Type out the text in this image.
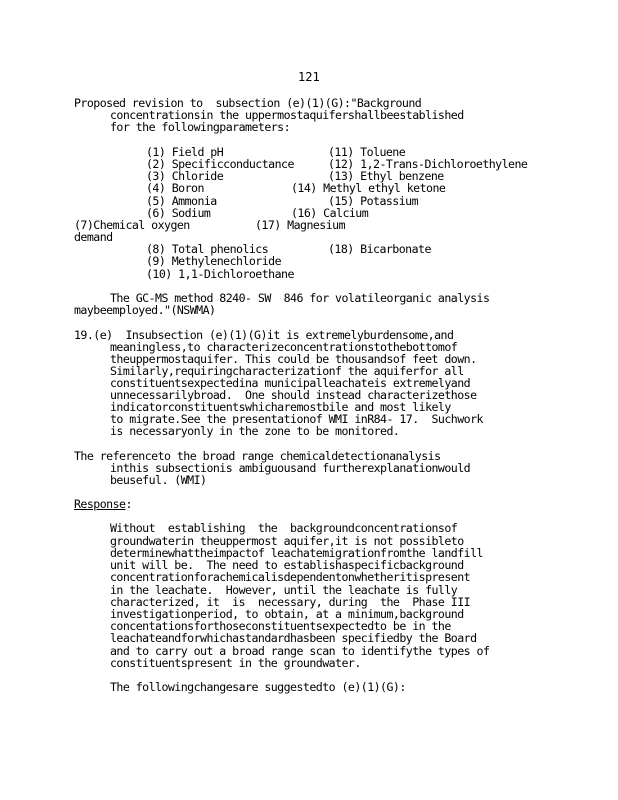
121
Proposed revision to  subsection (e)(1)(G):"Background
concentrationsin the uppermostaquifershallbeestablished
for the followingparameters:
(1) Field pH	(11) Toluene
(2) Specificconductance	(12) 1,2-Trans-Dichloroethylene
(3) Chloride	(13) Ethyl benzene
(4) Boron	(14) Methyl ethyl ketone
(5) Ammonia	(15) Potassium
(6) Sodium	(16) Calcium
(7)Chemical oxygen	(17) Magnesium
demand
(8) Total phenolics	(18) Bicarbonate
(9) Methylenechloride
(10) 1,1-Dichloroethane
The GC-MS method 8240- SW  846 for volatileorganic analysis
maybeemployed."(NSWMA)
19.(e)  Insubsection (e)(1)(G)it is extremelyburdensome,and
meaningless,to characterizeconcentrationstothebottomof
theuppermostaquifer. This could be thousandsof feet down.
Similarly,requiringcharacterizationf the aquiferfor all
constituentsexpectedina municipalleachateis extremelyand
unnecessarilybroad.  One should instead characterizethose
indicatorconstituentswhicharemostbile and most likely
to migrate.See the presentationof WMI inR84- 17.  Suchwork
is necessaryonly in the zone to be monitored.
The referenceto the broad range chemicaldetectionanalysis
inthis subsectionis ambiguousand furtherexplanationwould
beuseful. (WMI)
Response:
Without  establishing  the  backgroundconcentrationsof
groundwaterin theuppermost aquifer,it is not possibleto
determinewhattheimpactof leachatemigrationfromthe landfill
unit will be.  The need to establishaspecificbackground
concentrationforachemicalisdependentonwhetheritispresent
in the leachate.  However, until the leachate is fully
characterized, it  is  necessary, during  the  Phase III
investigationperiod, to obtain, at a minimum,background
concentationsforthoseconstituentsexpectedto be in the
leachateandforwhichastandardhasbeen specifiedby the Board
and to carry out a broad range scan to identifythe types of
constituentspresent in the groundwater.
The followingchangesare suggestedto (e)(1)(G):
